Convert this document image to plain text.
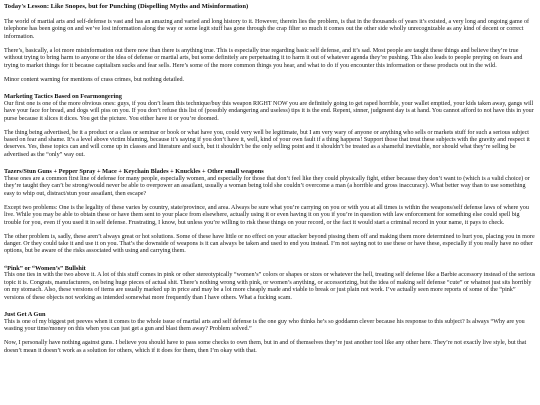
Today's Lesson: Like Snopes, but for Punching (Dispelling Myths and Misinformation)

The world of martial arts and self-defense is vast and has an amazing and varied and long history to it. However, therein lies the problem, is that in the thousands of years it’s existed, a very long and ongoing game of telephone has been going on and we’ve lost information along the way or some legit stuff has gone through the crap filter so much it comes out the other side wholly unrecognizable as any kind of decent or correct information.

There’s, basically, a lot more misinformation out there now than there is anything true. This is especially true regarding basic self defense, and it’s sad. Most people are taught these things and believe they’re true without trying to bring harm to anyone or the idea of defense or martial arts, but some definitely are perpetuating it to harm it out of whatever agenda they’re pushing. This also leads to people preying on fears and trying to market things for it because capitalism sucks and fear sells. Here’s some of the more common things you hear, and what to do if you encounter this information or these products out in the wild.

Minor content warning for mentions of crass crimes, but nothing detailed.

Marketing Tactics Based on Fearmongering

Our first one is one of the more obvious ones: guys, if you don’t learn this technique/buy this weapon RIGHT NOW you are definitely going to get raped horrible, your wallet emptied, your kids taken away, gangs will have your face for bread, and dogs will piss on you. If you don’t refuse this list of (possibly endangering and useless) tips it is the end. Repent, sinner, judgment day is at hand. You cannot afford to not have this in your purse because it slices it dices. You get the picture. You either have it or you’re doomed.

The thing being advertised, be it a product or a class or seminar or book or what have you, could very well be legitimate, but I am very wary of anyone or anything who sells or markets stuff for such a serious subject based on fear and shame. It’s a level above victim blaming, because it’s saying if you don’t have it, well, kind of your own fault if a thing happens! Support those that treat these subjects with the gravity and respect it deserves. Yes, these topics can and will come up in classes and literature and such, but it shouldn’t be the only selling point and it shouldn’t be treated as a shameful inevitable, nor should what they’re selling be advertised as the “only” way out.

Tazers/Stun Guns + Pepper Spray + Mace + Keychain Blades + Knuckles + Other small weapons

These ones are a common first line of defense for many people, especially women, and especially for those that don’t feel like they could physically fight, either because they don’t want to (which is a valid choice) or they’re taught they can’t be strong/would never be able to overpower an assailant, usually a woman being told she couldn’t overcome a man (a horrible and gross inaccuracy). What better way than to use something easy to whip out, distract/stun your assailant, then escape?

Except two problems: One is the legality of these varies by country, state/province, and area. Always be sure what you’re carrying on you or with you at all times is within the weapons/self defense laws of where you live. While you may be able to obtain these or have them sent to your place from elsewhere, actually using it or even having it on you if you’re in question with law enforcement for something else could spell big trouble for you, even if you used it in self defense. Frustrating, I know, but unless you’re willing to risk these things on your record, or the fact it would start a criminal record in your name, it pays to check.

The other problem is, sadly, these aren’t always great or hot solutions. Some of these have little or no effect on your attacker beyond pissing them off and making them more determined to hurt you, placing you in more danger. Or they could take it and use it on you. That’s the downside of weapons is it can always be taken and used to end you instead. I’m not saying not to use these or have these, especially if you really have no other options, but be aware of the risks associated with using and carrying them.

“Pink” or “Women’s” Bullshit

This one ties in with the two above it. A lot of this stuff comes in pink or other stereotypically “women’s” colors or shapes or sizes or whatever the hell, treating self defense like a Barbie accessory instead of the serious topic it is. Congrats, manufacturers, on being huge pieces of actual shit. There’s nothing wrong with pink, or women’s anything, or accessorizing, but the idea of making self defense “cute” or whatnot just sits horribly on my stomach. Also, these versions of items are usually marked up in price and may be a lot more cheaply made and viable to break or just plain not work. I’ve actually seen more reports of some of the “pink” versions of these objects not working as intended somewhat more frequently than I have others. What a fucking scam.

Just Get A Gun

This is one of my biggest pet peeves when it comes to the whole issue of martial arts and self defense is the one guy who thinks he’s so goddamn clever because his response to this subject? Is always “Why are you wasting your time/money on this when you can just get a gun and blast them away? Problem solved.”

Now, I personally have nothing against guns. I believe you should have to pass some checks to own them, but in and of themselves they’re just another tool like any other here. They’re not exactly live style, but that doesn’t mean it doesn’t work as a solution for others, which if it does for them, then I’m okay with that.
